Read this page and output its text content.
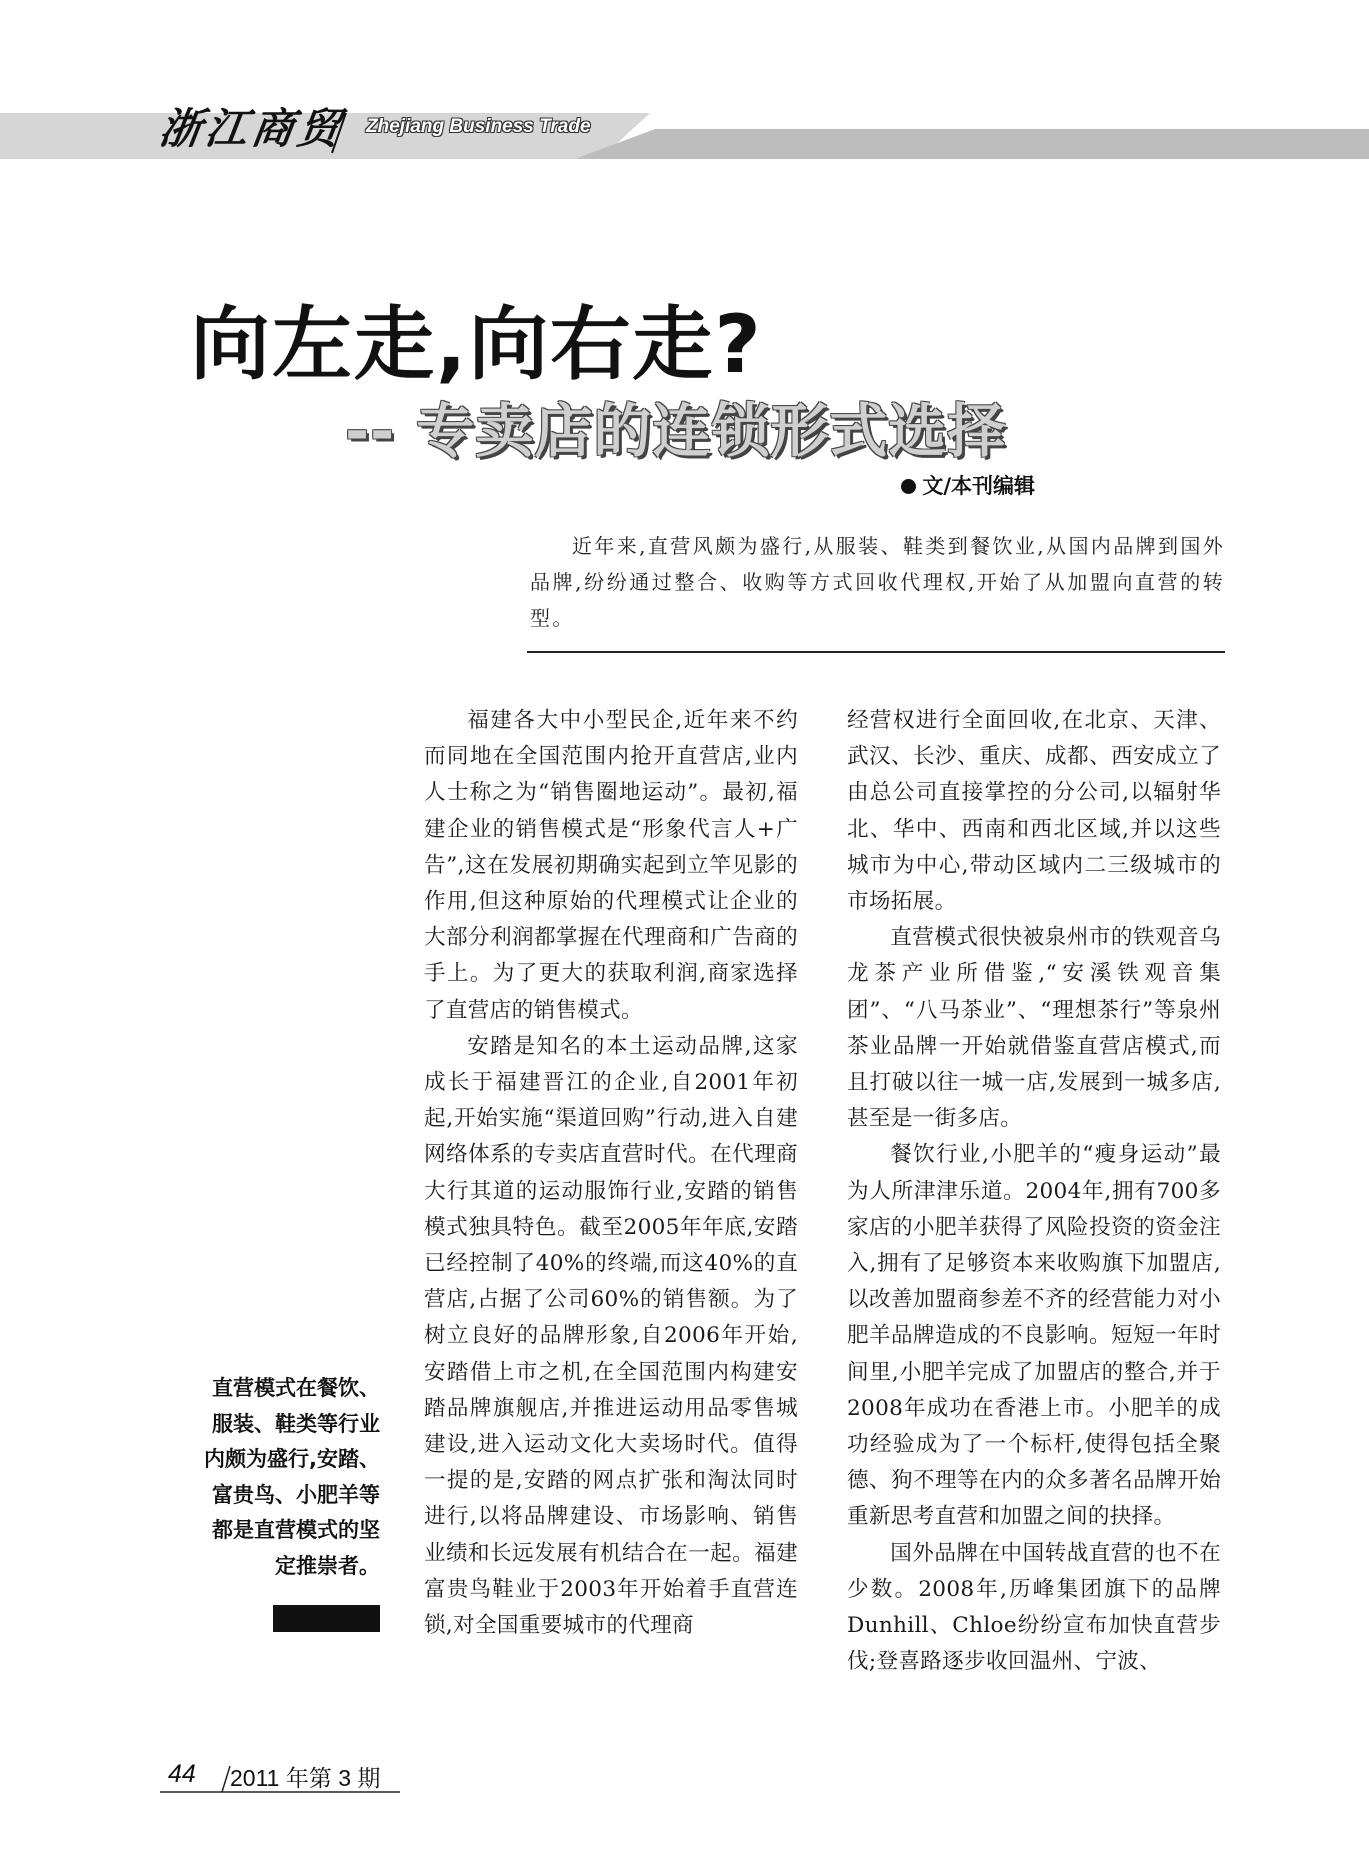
浙江商贸 Zhejiang Business Trade
向左走,向右走?
-- 专卖店的连锁形式选择
文/本刊编辑
近年来,直营风颇为盛行,从服装、鞋类到餐饮业,从国内品牌到国外品牌,纷纷通过整合、收购等方式回收代理权,开始了从加盟向直营的转型。

福建各大中小型民企,近年来不约而同地在全国范围内抢开直营店,业内人士称之为“销售圈地运动”。最初,福建企业的销售模式是“形象代言人+广告”,这在发展初期确实起到立竿见影的作用,但这种原始的代理模式让企业的大部分利润都掌握在代理商和广告商的手上。为了更大的获取利润,商家选择了直营店的销售模式。

安踏是知名的本土运动品牌,这家成长于福建晋江的企业,自2001年初起,开始实施“渠道回购”行动,进入自建网络体系的专卖店直营时代。在代理商大行其道的运动服饰行业,安踏的销售模式独具特色。截至2005年年底,安踏已经控制了40%的终端,而这40%的直营店,占据了公司60%的销售额。为了树立良好的品牌形象,自2006年开始,安踏借上市之机,在全国范围内构建安踏品牌旗舰店,并推进运动用品零售城建设,进入运动文化大卖场时代。值得一提的是,安踏的网点扩张和淘汰同时进行,以将品牌建设、市场影响、销售业绩和长远发展有机结合在一起。福建富贵鸟鞋业于2003年开始着手直营连锁,对全国重要城市的代理商

经营权进行全面回收,在北京、天津、武汉、长沙、重庆、成都、西安成立了由总公司直接掌控的分公司,以辐射华北、华中、西南和西北区域,并以这些城市为中心,带动区域内二三级城市的市场拓展。

直营模式很快被泉州市的铁观音乌龙茶产业所借鉴,“安溪铁观音集团”、“八马茶业”、“理想茶行”等泉州茶业品牌一开始就借鉴直营店模式,而且打破以往一城一店,发展到一城多店,甚至是一街多店。

餐饮行业,小肥羊的“瘦身运动”最为人所津津乐道。2004年,拥有700多家店的小肥羊获得了风险投资的资金注入,拥有了足够资本来收购旗下加盟店,以改善加盟商参差不齐的经营能力对小肥羊品牌造成的不良影响。短短一年时间里,小肥羊完成了加盟店的整合,并于2008年成功在香港上市。小肥羊的成功经验成为了一个标杆,使得包括全聚德、狗不理等在内的众多著名品牌开始重新思考直营和加盟之间的抉择。

国外品牌在中国转战直营的也不在少数。2008年,历峰集团旗下的品牌Dunhill、Chloe纷纷宣布加快直营步伐;登喜路逐步收回温州、宁波、

直营模式在餐饮、服装、鞋类等行业内颇为盛行,安踏、富贵鸟、小肥羊等都是直营模式的坚定推崇者。
44 2011 年第 3 期
